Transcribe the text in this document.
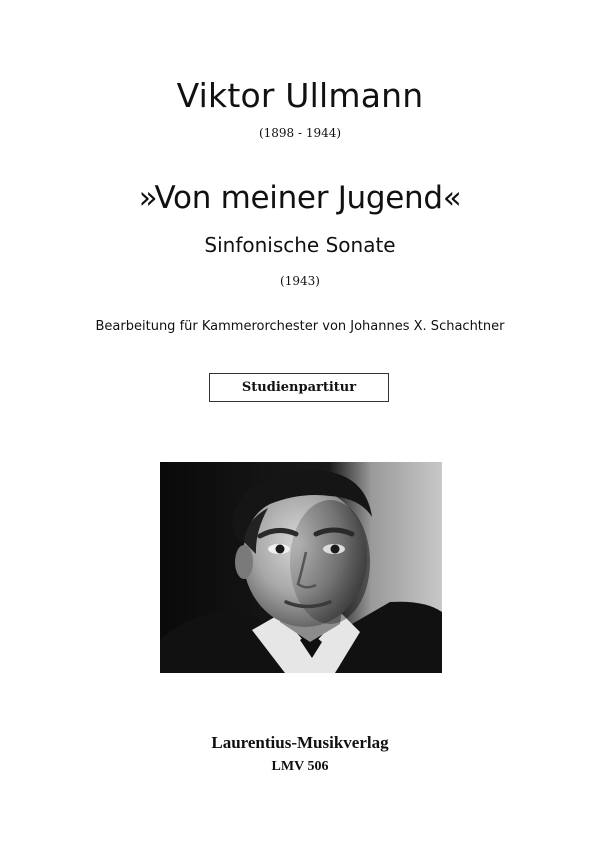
Viktor Ullmann
(1898 - 1944)
»Von meiner Jugend«
Sinfonische Sonate
(1943)
Bearbeitung für Kammerorchester von Johannes X. Schachtner
Studienpartitur
Laurentius-Musikverlag
LMV 506
